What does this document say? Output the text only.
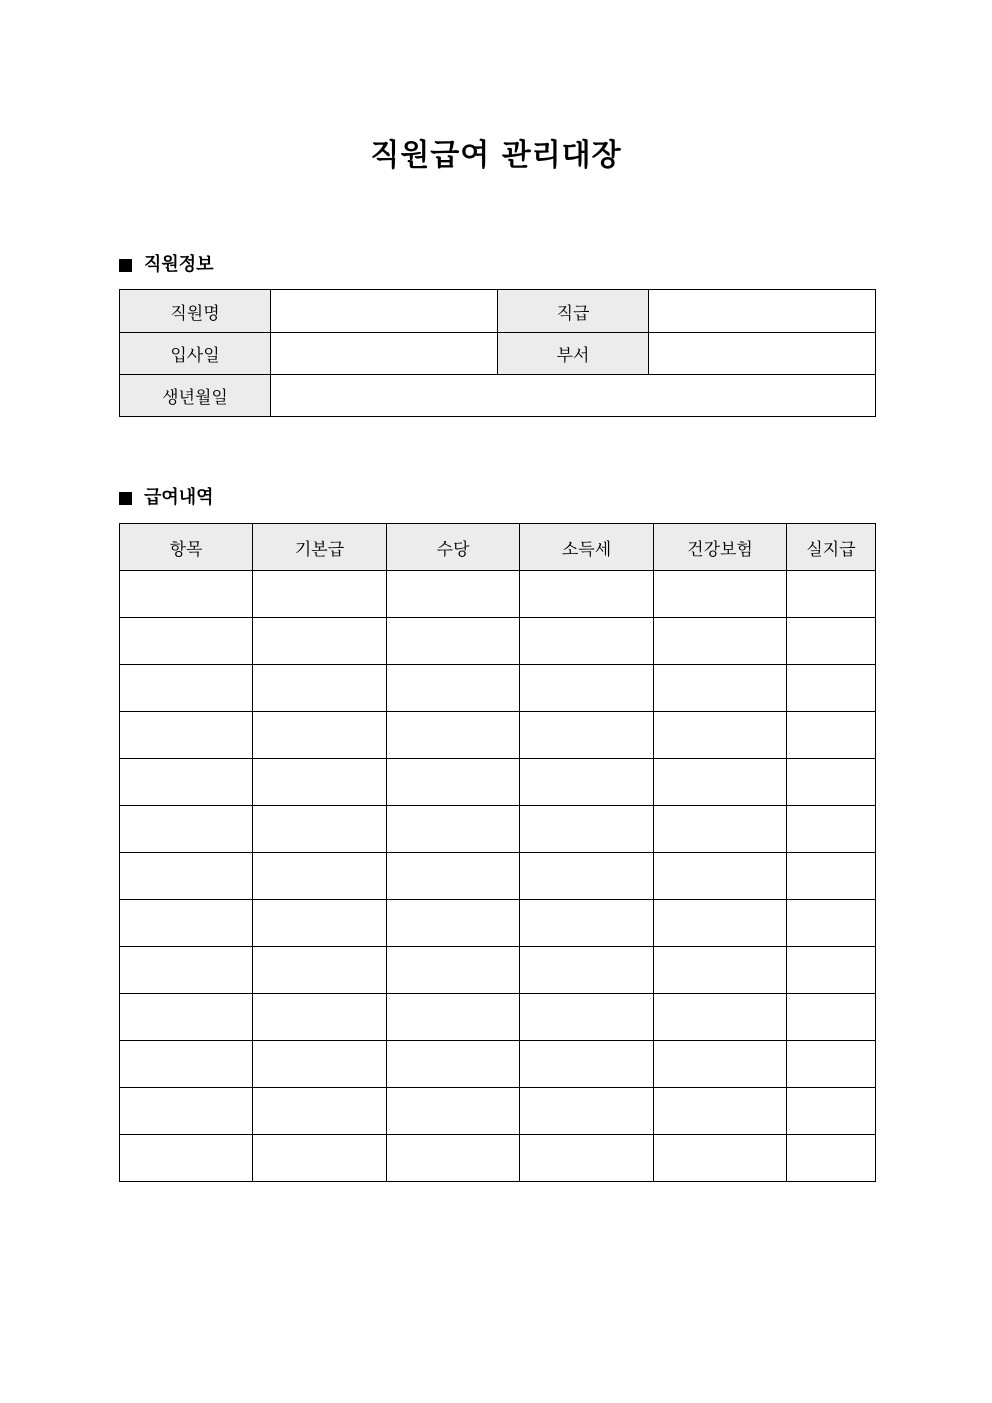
직원급여 관리대장
직원정보
직원명		직급	
입사일		부서	
생년월일			
급여내역
항목	기본급	수당	소득세	건강보험	실지급
